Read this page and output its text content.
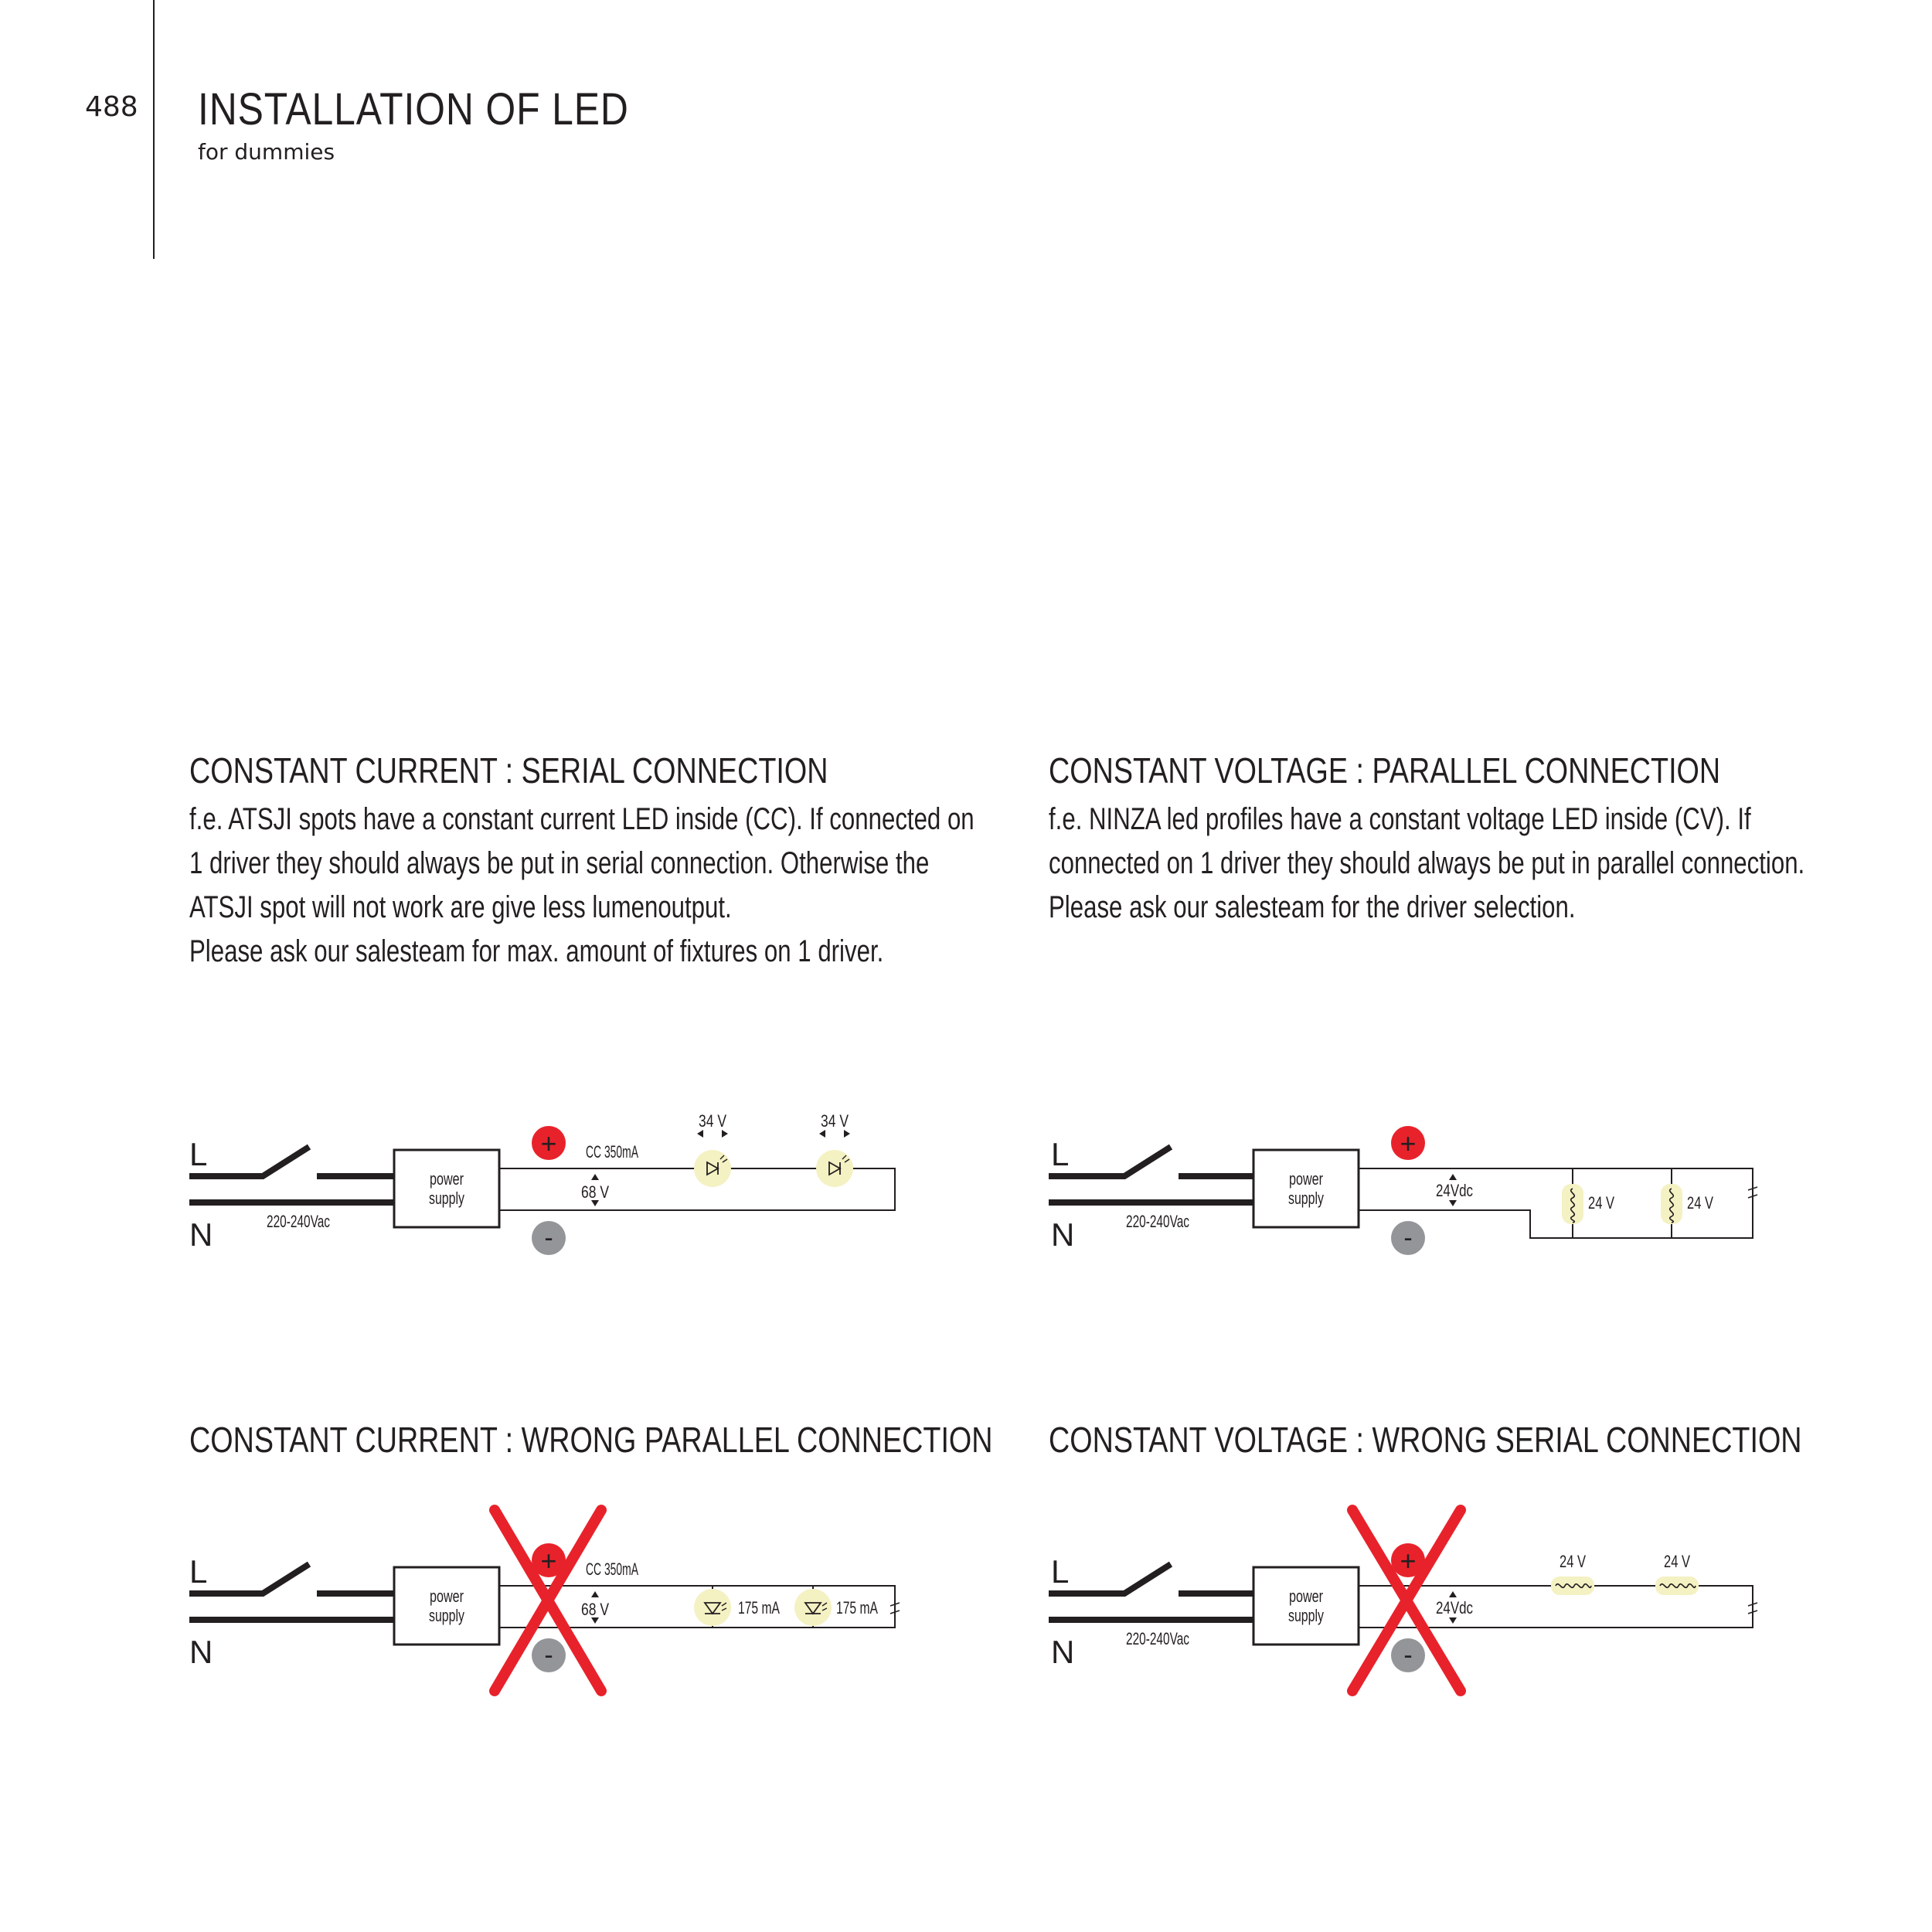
488 INSTALLATION OF LED
for dummies
CONSTANT CURRENT : SERIAL CONNECTION
f.e. ATSJI spots have a constant current LED inside (CC). If connected on
1 driver they should always be put in serial connection. Otherwise the
ATSJI spot will not work are give less lumenoutput.
Please ask our salesteam for max. amount of fixtures on 1 driver.
CONSTANT VOLTAGE : PARALLEL CONNECTION
f.e. NINZA led profiles have a constant voltage LED inside (CV). If
connected on 1 driver they should always be put in parallel connection.
Please ask our salesteam for the driver selection.
CONSTANT CURRENT : WRONG PARALLEL CONNECTION CONSTANT VOLTAGE : WRONG SERIAL CONNECTION
L
N	220-240Vac
power
supply
+
-
CC 350mA
68 V
34 V	34 V
L
N	220-240Vac
power
supply
+
-
24Vdc
24 V	24 V
L
N
power
supply
+
-
CC 350mA
68 V	175 mA	175 mA
L
N	220-240Vac
power
supply
+
-
24Vdc
24 V	24 V
